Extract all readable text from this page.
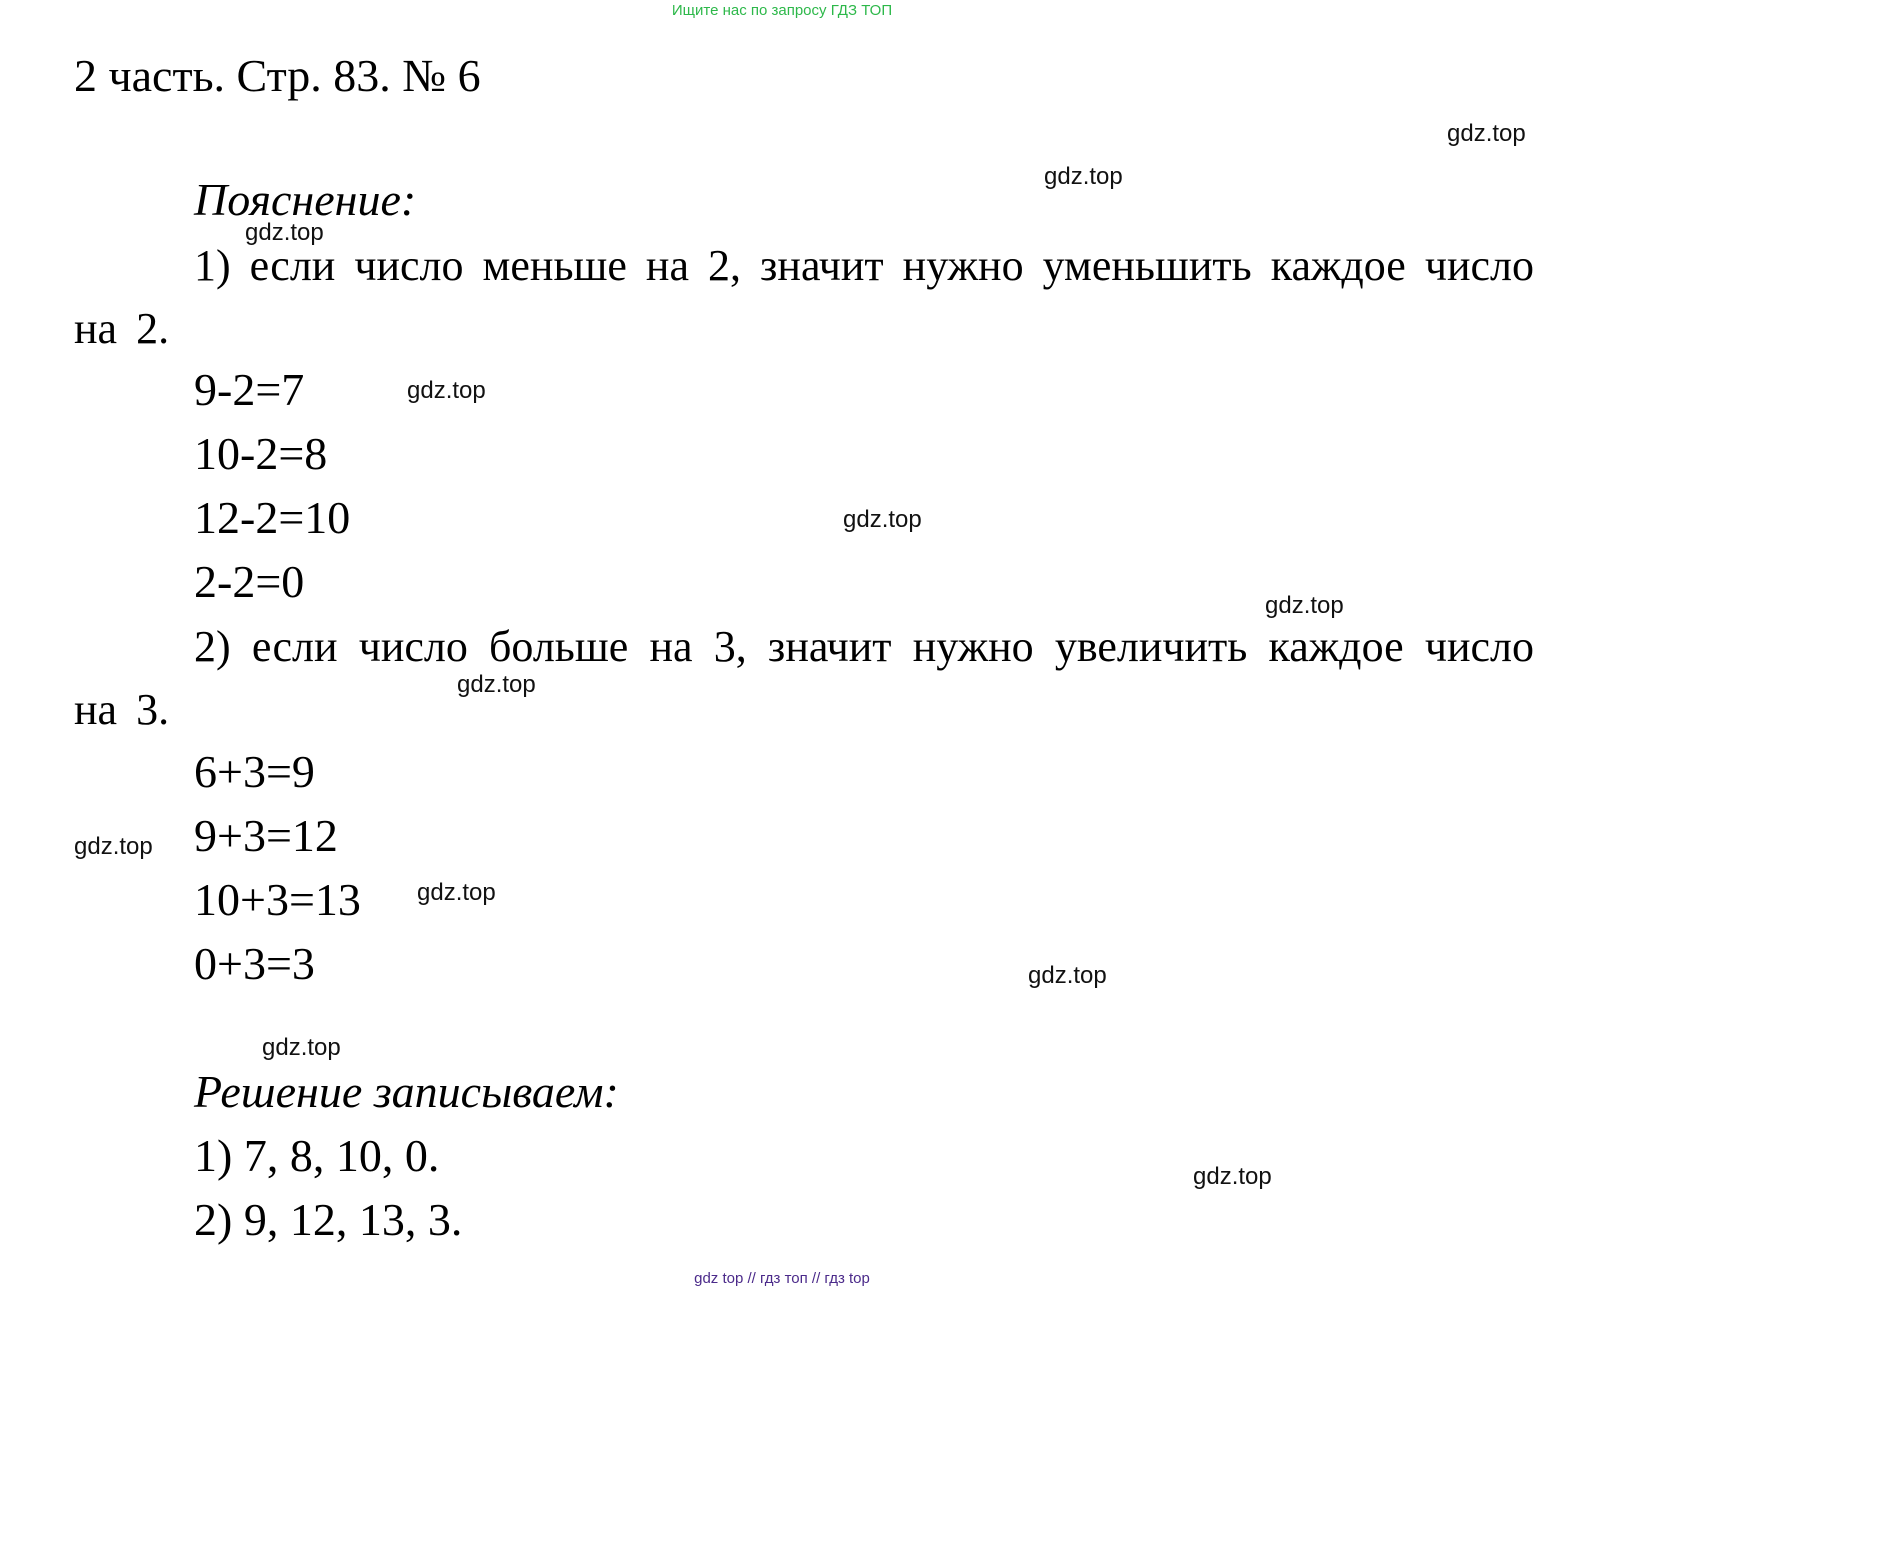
Ищите нас по запросу ГДЗ ТОП
2 часть. Стр. 83. № 6
Пояснение:
1) если число меньше на 2, значит нужно уменьшить каждое число на 2.
9-2=7
10-2=8
12-2=10
2-2=0
2) если число больше на 3, значит нужно увеличить каждое число на 3.
6+3=9
9+3=12
10+3=13
0+3=3
Решение записываем:
1) 7, 8, 10, 0.
2) 9, 12, 13, 3.
gdz.top
gdz.top
gdz.top
gdz.top
gdz.top
gdz.top
gdz.top
gdz.top
gdz.top
gdz.top
gdz.top
gdz.top
gdz top // гдз топ // гдз top
